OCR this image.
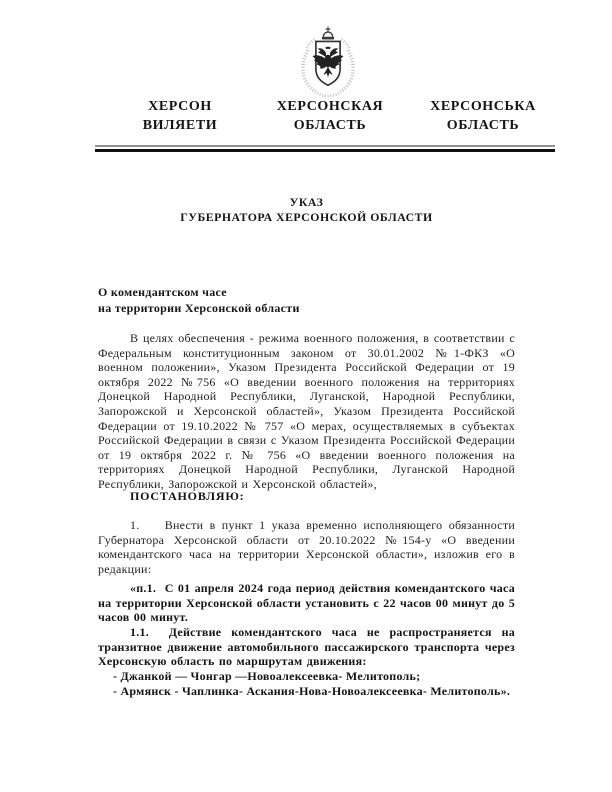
ХЕРСОН
ВИЛЯЕТИ
ХЕРСОНСКАЯ
ОБЛАСТЬ
ХЕРСОНСЬКА
ОБЛАСТЬ
УКАЗ
ГУБЕРНАТОРА ХЕРСОНСКОЙ ОБЛАСТИ
О комендантском часе
на территории Херсонской области

В целях обеспечения - режима военного положения, в соответствии с Федеральным конституционным законом от 30.01.2002 №1-ФКЗ «О военном положении», Указом Президента Российской Федерации от 19 октября 2022 №756 «О введении военного положения на территориях Донецкой Народной Республики, Луганской, Народной Республики, Запорожской и Херсонской областей», Указом Президента Российской Федерации от 19.10.2022 № 757 «О мерах, осуществляемых в субъектах Российской Федерации в связи с Указом Президента Российской Федерации от 19 октября 2022 г. № 756 «О введении военного положения на территориях Донецкой Народной Республики, Луганской Народной Республики, Запорожской и Херсонской областей»,

ПОСТАНОВЛЯЮ:

1.    Внести в пункт 1 указа временно исполняющего обязанности Губернатора Херсонской области от 20.10.2022 №154-у «О введении комендантского часа на территории Херсонской области», изложив его в редакции:

«п.1.  С 01 апреля 2024 года период действия комендантского часа на территории Херсонской области установить с 22 часов 00 минут до 5 часов 00 минут.

1.1.  Действие комендантского часа не распространяется на транзитное движение автомобильного пассажирского транспорта через Херсонскую область по маршрутам движения:

- Джанкой — Чонгар —Новоалексеевка- Мелитополь;
- Армянск - Чаплинка- Аскания-Нова-Новоалексеевка- Мелитополь».
